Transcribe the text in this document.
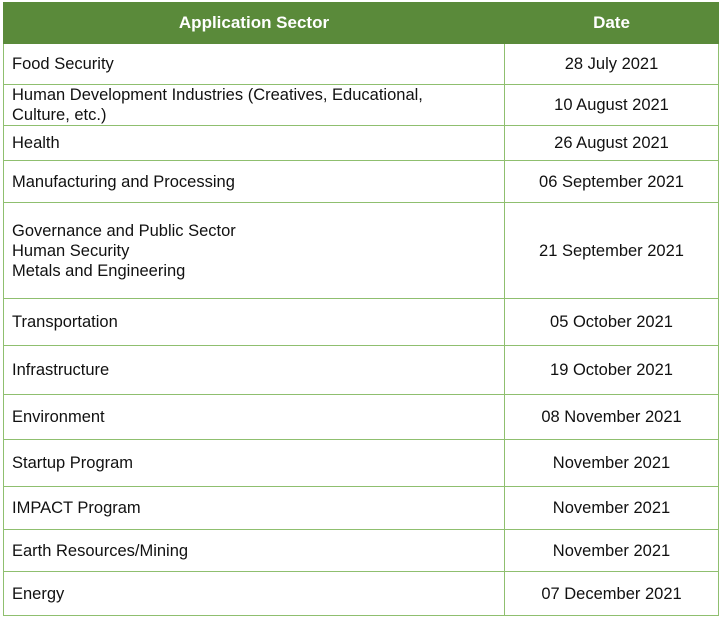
Application Sector	Date

Food Security	28 July 2021

Human Development Industries (Creatives, Educational,
Culture, etc.)	10 August 2021

Health	26 August 2021

Manufacturing and Processing	06 September 2021

Governance and Public Sector
Human Security
Metals and Engineering	21 September 2021

Transportation	05 October 2021

Infrastructure	19 October 2021

Environment	08 November 2021

Startup Program	November 2021

IMPACT Program	November 2021

Earth Resources/Mining	November 2021

Energy	07 December 2021
